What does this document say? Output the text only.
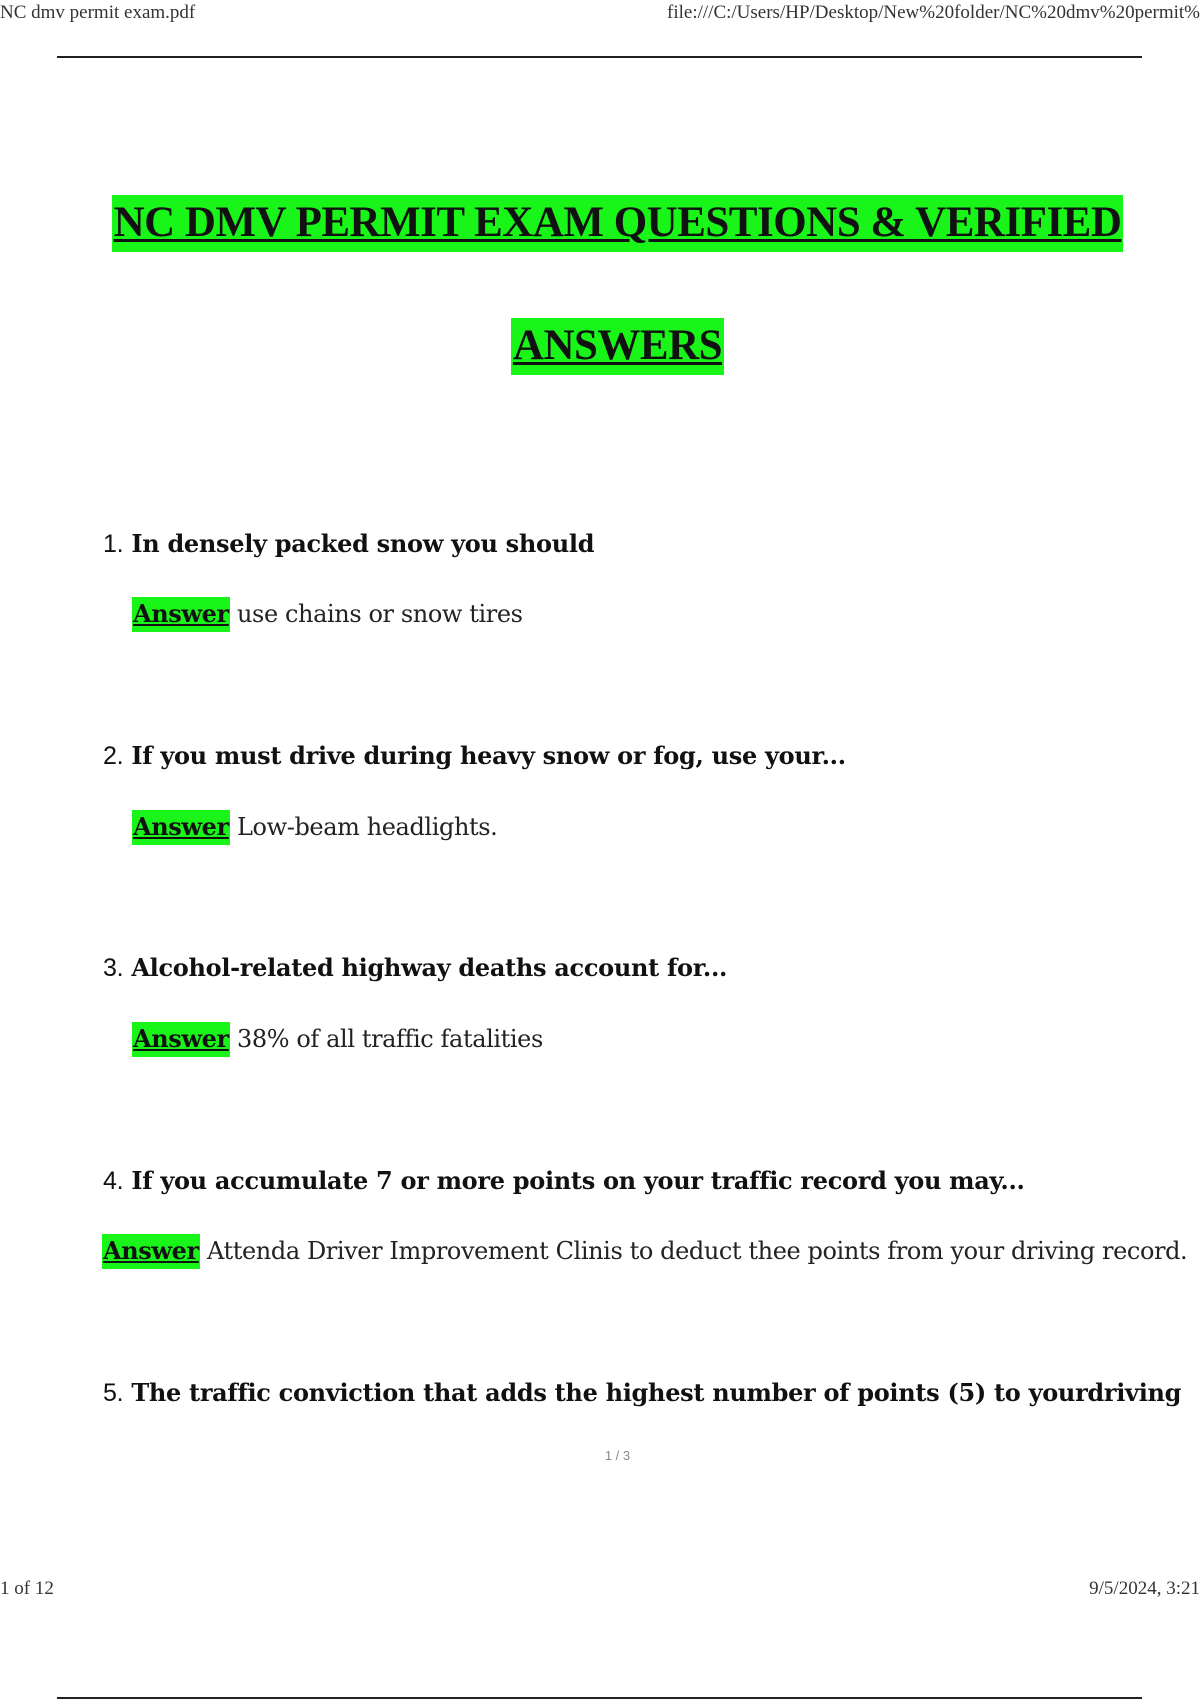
NC dmv permit exam.pdf	file:///C:/Users/HP/Desktop/New%20folder/NC%20dmv%20permit%
NC DMV PERMIT EXAM QUESTIONS & VERIFIED
ANSWERS
1. In densely packed snow you should
Answer use chains or snow tires
2. If you must drive during heavy snow or fog, use your...
Answer Low-beam headlights.
3. Alcohol-related highway deaths account for...
Answer 38% of all traffic fatalities
4. If you accumulate 7 or more points on your traffic record you may...
Answer Attenda Driver Improvement Clinis to deduct thee points from your driving record.
5. The traffic conviction that adds the highest number of points (5) to yourdriving
1 / 3
1 of 12	9/5/2024, 3:21
